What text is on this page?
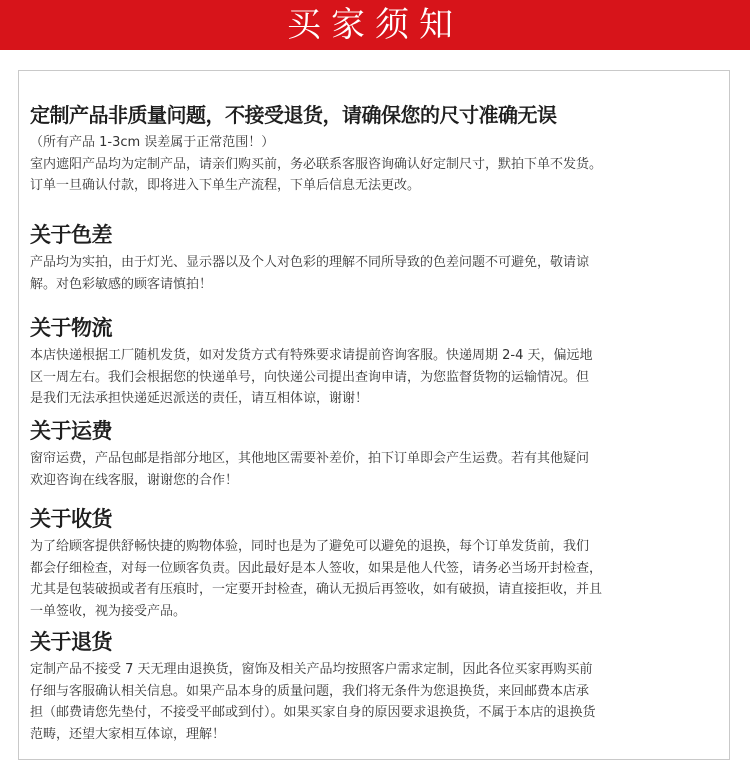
买家须知
定制产品非质量问题，不接受退货，请确保您的尺寸准确无误

（所有产品 1-3cm 误差属于正常范围！）

室内遮阳产品均为定制产品，请亲们购买前，务必联系客服咨询确认好定制尺寸，默拍下单不发货。

订单一旦确认付款，即将进入下单生产流程，下单后信息无法更改。

关于色差

产品均为实拍，由于灯光、显示器以及个人对色彩的理解不同所导致的色差问题不可避免，敬请谅

解。对色彩敏感的顾客请慎拍！

关于物流

本店快递根据工厂随机发货，如对发货方式有特殊要求请提前咨询客服。快递周期 2-4 天，偏远地

区一周左右。我们会根据您的快递单号，向快递公司提出查询申请，为您监督货物的运输情况。但

是我们无法承担快递延迟派送的责任，请互相体谅，谢谢！

关于运费

窗帘运费，产品包邮是指部分地区，其他地区需要补差价，拍下订单即会产生运费。若有其他疑问

欢迎咨询在线客服，谢谢您的合作！

关于收货

为了给顾客提供舒畅快捷的购物体验，同时也是为了避免可以避免的退换，每个订单发货前，我们

都会仔细检查，对每一位顾客负责。因此最好是本人签收，如果是他人代签，请务必当场开封检查，

尤其是包装破损或者有压痕时，一定要开封检查，确认无损后再签收，如有破损，请直接拒收，并且

一单签收，视为接受产品。

关于退货

定制产品不接受 7 天无理由退换货，窗饰及相关产品均按照客户需求定制，因此各位买家再购买前

仔细与客服确认相关信息。如果产品本身的质量问题，我们将无条件为您退换货，来回邮费本店承

担（邮费请您先垫付，不接受平邮或到付）。如果买家自身的原因要求退换货，不属于本店的退换货

范畴，还望大家相互体谅，理解！
